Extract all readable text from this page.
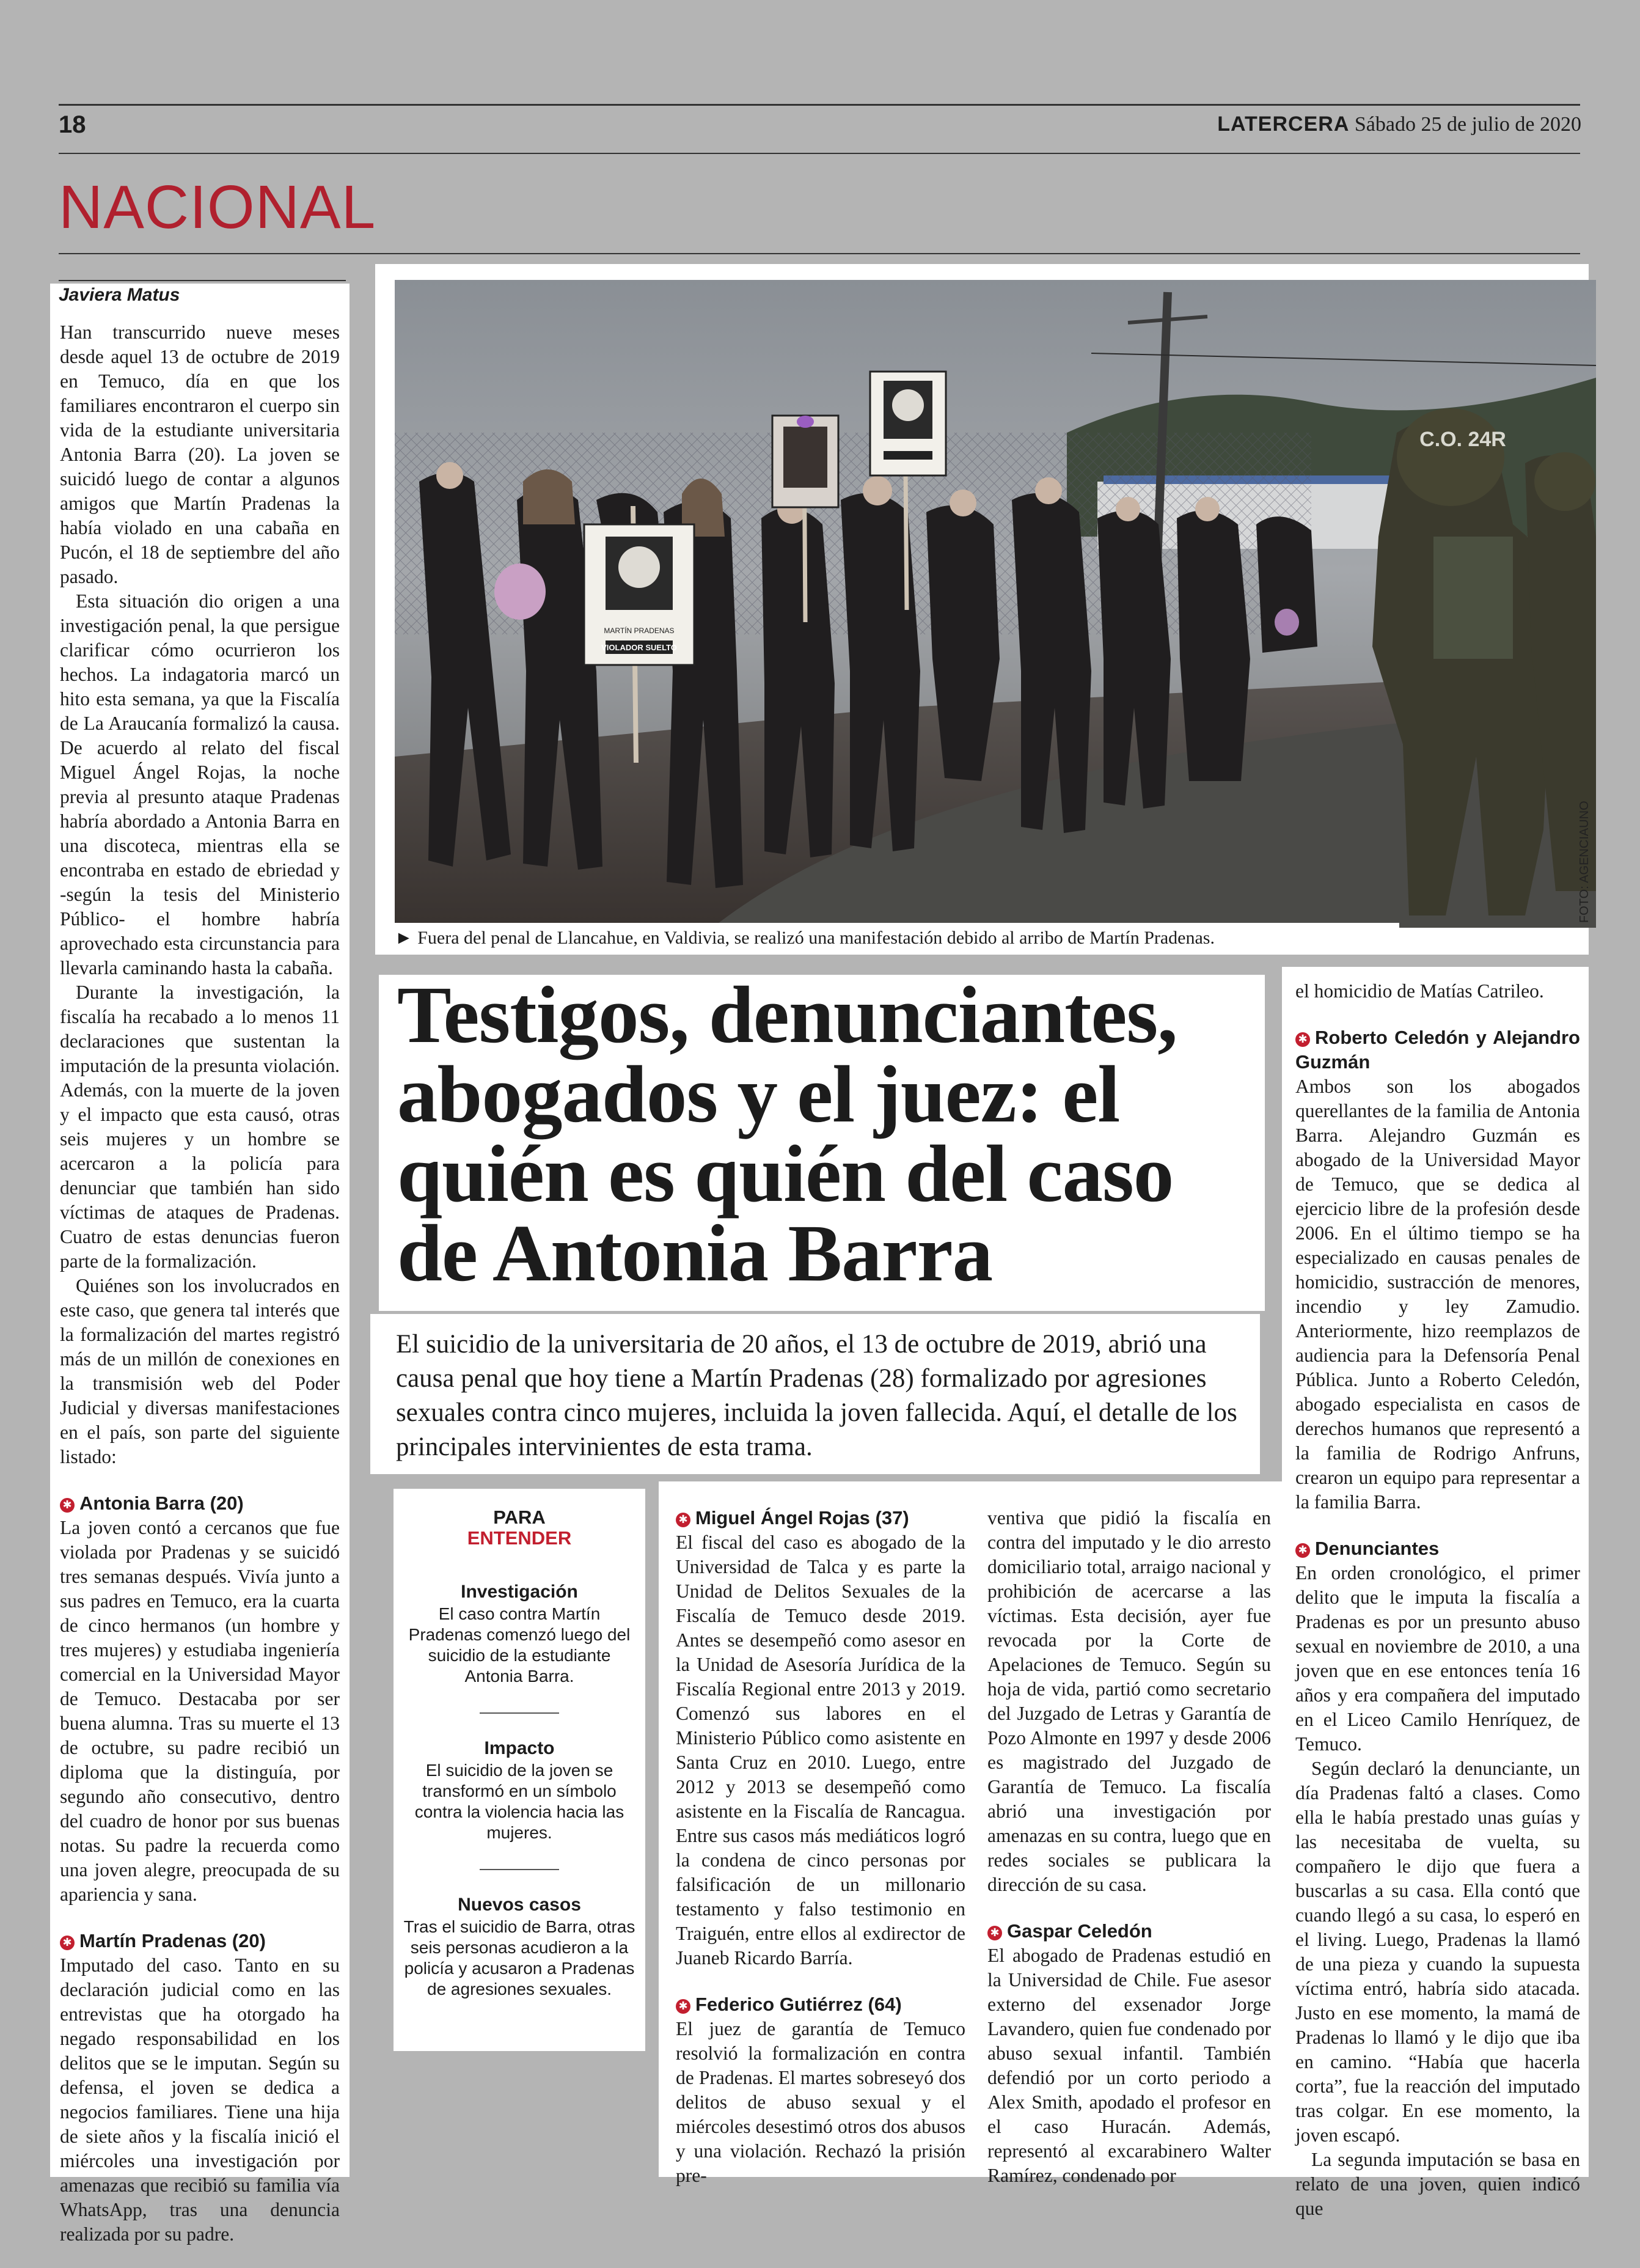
18	LATERCERA Sábado 25 de julio de 2020
NACIONAL

Han transcurrido nueve meses desde aquel 13 de octubre de 2019 en Temuco, día en que los familiares encontraron el cuerpo sin vida de la estudiante universitaria Antonia Barra (20). La joven se suicidó luego de contar a algunos amigos que Martín Pradenas la había violado en una cabaña en Pucón, el 18 de septiembre del año pasado.

Esta situación dio origen a una investigación penal, la que persigue clarificar cómo ocurrieron los hechos. La indagatoria marcó un hito esta semana, ya que la Fiscalía de La Araucanía formalizó la causa. De acuerdo al relato del fiscal Miguel Ángel Rojas, la noche previa al presunto ataque Pradenas habría abordado a Antonia Barra en una discoteca, mientras ella se encontraba en estado de ebriedad y -según la tesis del Ministerio Público- el hombre habría aprovechado esta circunstancia para llevarla caminando hasta la cabaña.

Durante la investigación, la fiscalía ha recabado a lo menos 11 declaraciones que sustentan la imputación de la presunta violación. Además, con la muerte de la joven y el impacto que esta causó, otras seis mujeres y un hombre se acercaron a la policía para denunciar que también han sido víctimas de ataques de Pradenas. Cuatro de estas denuncias fueron parte de la formalización.

Quiénes son los involucrados en este caso, que genera tal interés que la formalización del martes registró más de un millón de conexiones en la transmisión web del Poder Judicial y diversas manifestaciones en el país, son parte del siguiente listado:

✱ Antonia Barra (20)

La joven contó a cercanos que fue violada por Pradenas y se suicidó tres semanas después. Vivía junto a sus padres en Temuco, era la cuarta de cinco hermanos (un hombre y tres mujeres) y estudiaba ingeniería comercial en la Universidad Mayor de Temuco. Destacaba por ser buena alumna. Tras su muerte el 13 de octubre, su padre recibió un diploma que la distinguía, por segundo año consecutivo, dentro del cuadro de honor por sus buenas notas. Su padre la recuerda como una joven alegre, preocupada de su apariencia y sana.

✱ Martín Pradenas (20)

Imputado del caso. Tanto en su declaración judicial como en las entrevistas que ha otorgado ha negado responsabilidad en los delitos que se le imputan. Según su defensa, el joven se dedica a negocios familiares. Tiene una hija de siete años y la fiscalía inició el miércoles una investigación por amenazas que recibió su familia vía WhatsApp, tras una denuncia realizada por su padre.

Javiera Matus
MARTÍN PRADENAS
VIOLADOR SUELTO
C.O. 24R
► Fuera del penal de Llancahue, en Valdivia, se realizó una manifestación debido al arribo de Martín Pradenas.
FOTO: AGENCIAUNO
Testigos, denunciantes, abogados y el juez: el quién es quién del caso de Antonia Barra

El suicidio de la universitaria de 20 años, el 13 de octubre de 2019, abrió una causa penal que hoy tiene a Martín Pradenas (28) formalizado por agresiones sexuales contra cinco mujeres, incluida la joven fallecida. Aquí, el detalle de los principales intervinientes de esta trama.

PARA
ENTENDER
Investigación

El caso contra Martín Pradenas comenzó luego del suicidio de la estudiante Antonia Barra.

Impacto

El suicidio de la joven se transformó en un símbolo contra la violencia hacia las mujeres.

Nuevos casos

Tras el suicidio de Barra, otras seis personas acudieron a la policía y acusaron a Pradenas de agresiones sexuales.

✱ Miguel Ángel Rojas (37)

El fiscal del caso es abogado de la Universidad de Talca y es parte la Unidad de Delitos Sexuales de la Fiscalía de Temuco desde 2019. Antes se desempeñó como asesor en la Unidad de Asesoría Jurídica de la Fiscalía Regional entre 2013 y 2019. Comenzó sus labores en el Ministerio Público como asistente en Santa Cruz en 2010. Luego, entre 2012 y 2013 se desempeñó como asistente en la Fiscalía de Rancagua. Entre sus casos más mediáticos logró la condena de cinco personas por falsificación de un millonario testamento y falso testimonio en Traiguén, entre ellos al exdirector de Juaneb Ricardo Barría.

✱ Federico Gutiérrez (64)

El juez de garantía de Temuco resolvió la formalización en contra de Pradenas. El martes sobreseyó dos delitos de abuso sexual y el miércoles desestimó otros dos abusos y una violación. Rechazó la prisión pre-

ventiva que pidió la fiscalía en contra del imputado y le dio arresto domiciliario total, arraigo nacional y prohibición de acercarse a las víctimas. Esta decisión, ayer fue revocada por la Corte de Apelaciones de Temuco. Según su hoja de vida, partió como secretario del Juzgado de Letras y Garantía de Pozo Almonte en 1997 y desde 2006 es magistrado del Juzgado de Garantía de Temuco. La fiscalía abrió una investigación por amenazas en su contra, luego que en redes sociales se publicara la dirección de su casa.

✱ Gaspar Celedón

El abogado de Pradenas estudió en la Universidad de Chile. Fue asesor externo del exsenador Jorge Lavandero, quien fue condenado por abuso sexual infantil. También defendió por un corto periodo a Alex Smith, apodado el profesor en el caso Huracán. Además, representó al excarabinero Walter Ramírez, condenado por

el homicidio de Matías Catrileo.

✱ Roberto Celedón y Alejandro Guzmán

Ambos son los abogados querellantes de la familia de Antonia Barra. Alejandro Guzmán es abogado de la Universidad Mayor de Temuco, que se dedica al ejercicio libre de la profesión desde 2006. En el último tiempo se ha especializado en causas penales de homicidio, sustracción de menores, incendio y ley Zamudio. Anteriormente, hizo reemplazos de audiencia para la Defensoría Penal Pública. Junto a Roberto Celedón, abogado especialista en casos de derechos humanos que representó a la familia de Rodrigo Anfruns, crearon un equipo para representar a la familia Barra.

✱ Denunciantes

En orden cronológico, el primer delito que le imputa la fiscalía a Pradenas es por un presunto abuso sexual en noviembre de 2010, a una joven que en ese entonces tenía 16 años y era compañera del imputado en el Liceo Camilo Henríquez, de Temuco.

Según declaró la denunciante, un día Pradenas faltó a clases. Como ella le había prestado unas guías y las necesitaba de vuelta, su compañero le dijo que fuera a buscarlas a su casa. Ella contó que cuando llegó a su casa, lo esperó en el living. Luego, Pradenas la llamó de una pieza y cuando la supuesta víctima entró, habría sido atacada. Justo en ese momento, la mamá de Pradenas lo llamó y le dijo que iba en camino. “Había que hacerla corta”, fue la reacción del imputado tras colgar. En ese momento, la joven escapó.

La segunda imputación se basa en relato de una joven, quien indicó que
